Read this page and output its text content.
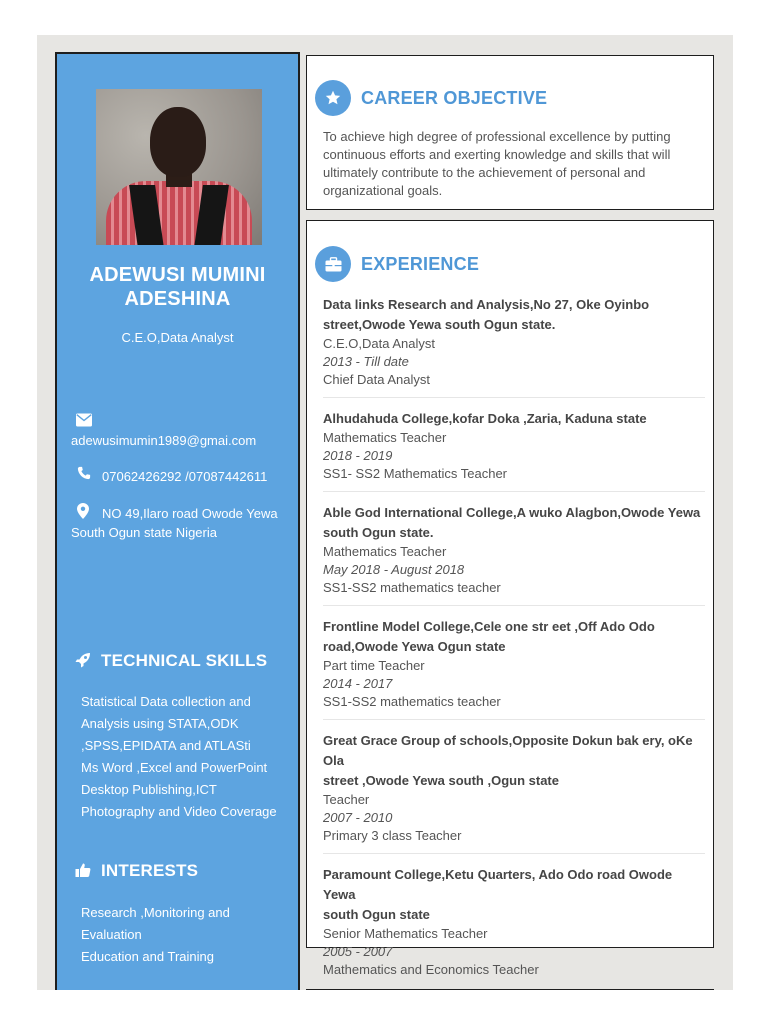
ADEWUSI MUMINI
ADESHINA
C.E.O,Data Analyst
adewusimumin1989@gmai.com
07062426292 /07087442611
NO 49,Ilaro road Owode Yewa
South Ogun state Nigeria
TECHNICAL SKILLS
Statistical Data collection and
Analysis using STATA,ODK
,SPSS,EPIDATA and ATLASti
Ms Word ,Excel and PowerPoint
Desktop Publishing,ICT
Photography and Video Coverage
INTERESTS
Research ,Monitoring and
Evaluation
Education and Training
CAREER OBJECTIVE
To achieve high degree of professional excellence by putting
continuous efforts and exerting knowledge and skills that will
ultimately contribute to the achievement of personal and
organizational goals.
EXPERIENCE
Data links Research and Analysis,No 27, Oke Oyinbo
street,Owode Yewa south Ogun state.
C.E.O,Data Analyst
2013 - Till date
Chief Data Analyst
Alhudahuda College,kofar Doka ,Zaria, Kaduna state
Mathematics Teacher
2018 - 2019
SS1- SS2 Mathematics Teacher
Able God International College,A wuko Alagbon,Owode Yewa
south Ogun state.
Mathematics Teacher
May 2018 - August 2018
SS1-SS2 mathematics teacher
Frontline Model College,Cele one str eet ,Off Ado Odo
road,Owode Yewa Ogun state
Part time Teacher
2014 - 2017
SS1-SS2 mathematics teacher
Great Grace Group of schools,Opposite Dokun bak ery, oKe Ola
street ,Owode Yewa south ,Ogun state
Teacher
2007 - 2010
Primary 3 class Teacher
Paramount College,Ketu Quarters, Ado Odo road Owode Yewa
south Ogun state
Senior Mathematics Teacher
2005 - 2007
Mathematics and Economics Teacher
